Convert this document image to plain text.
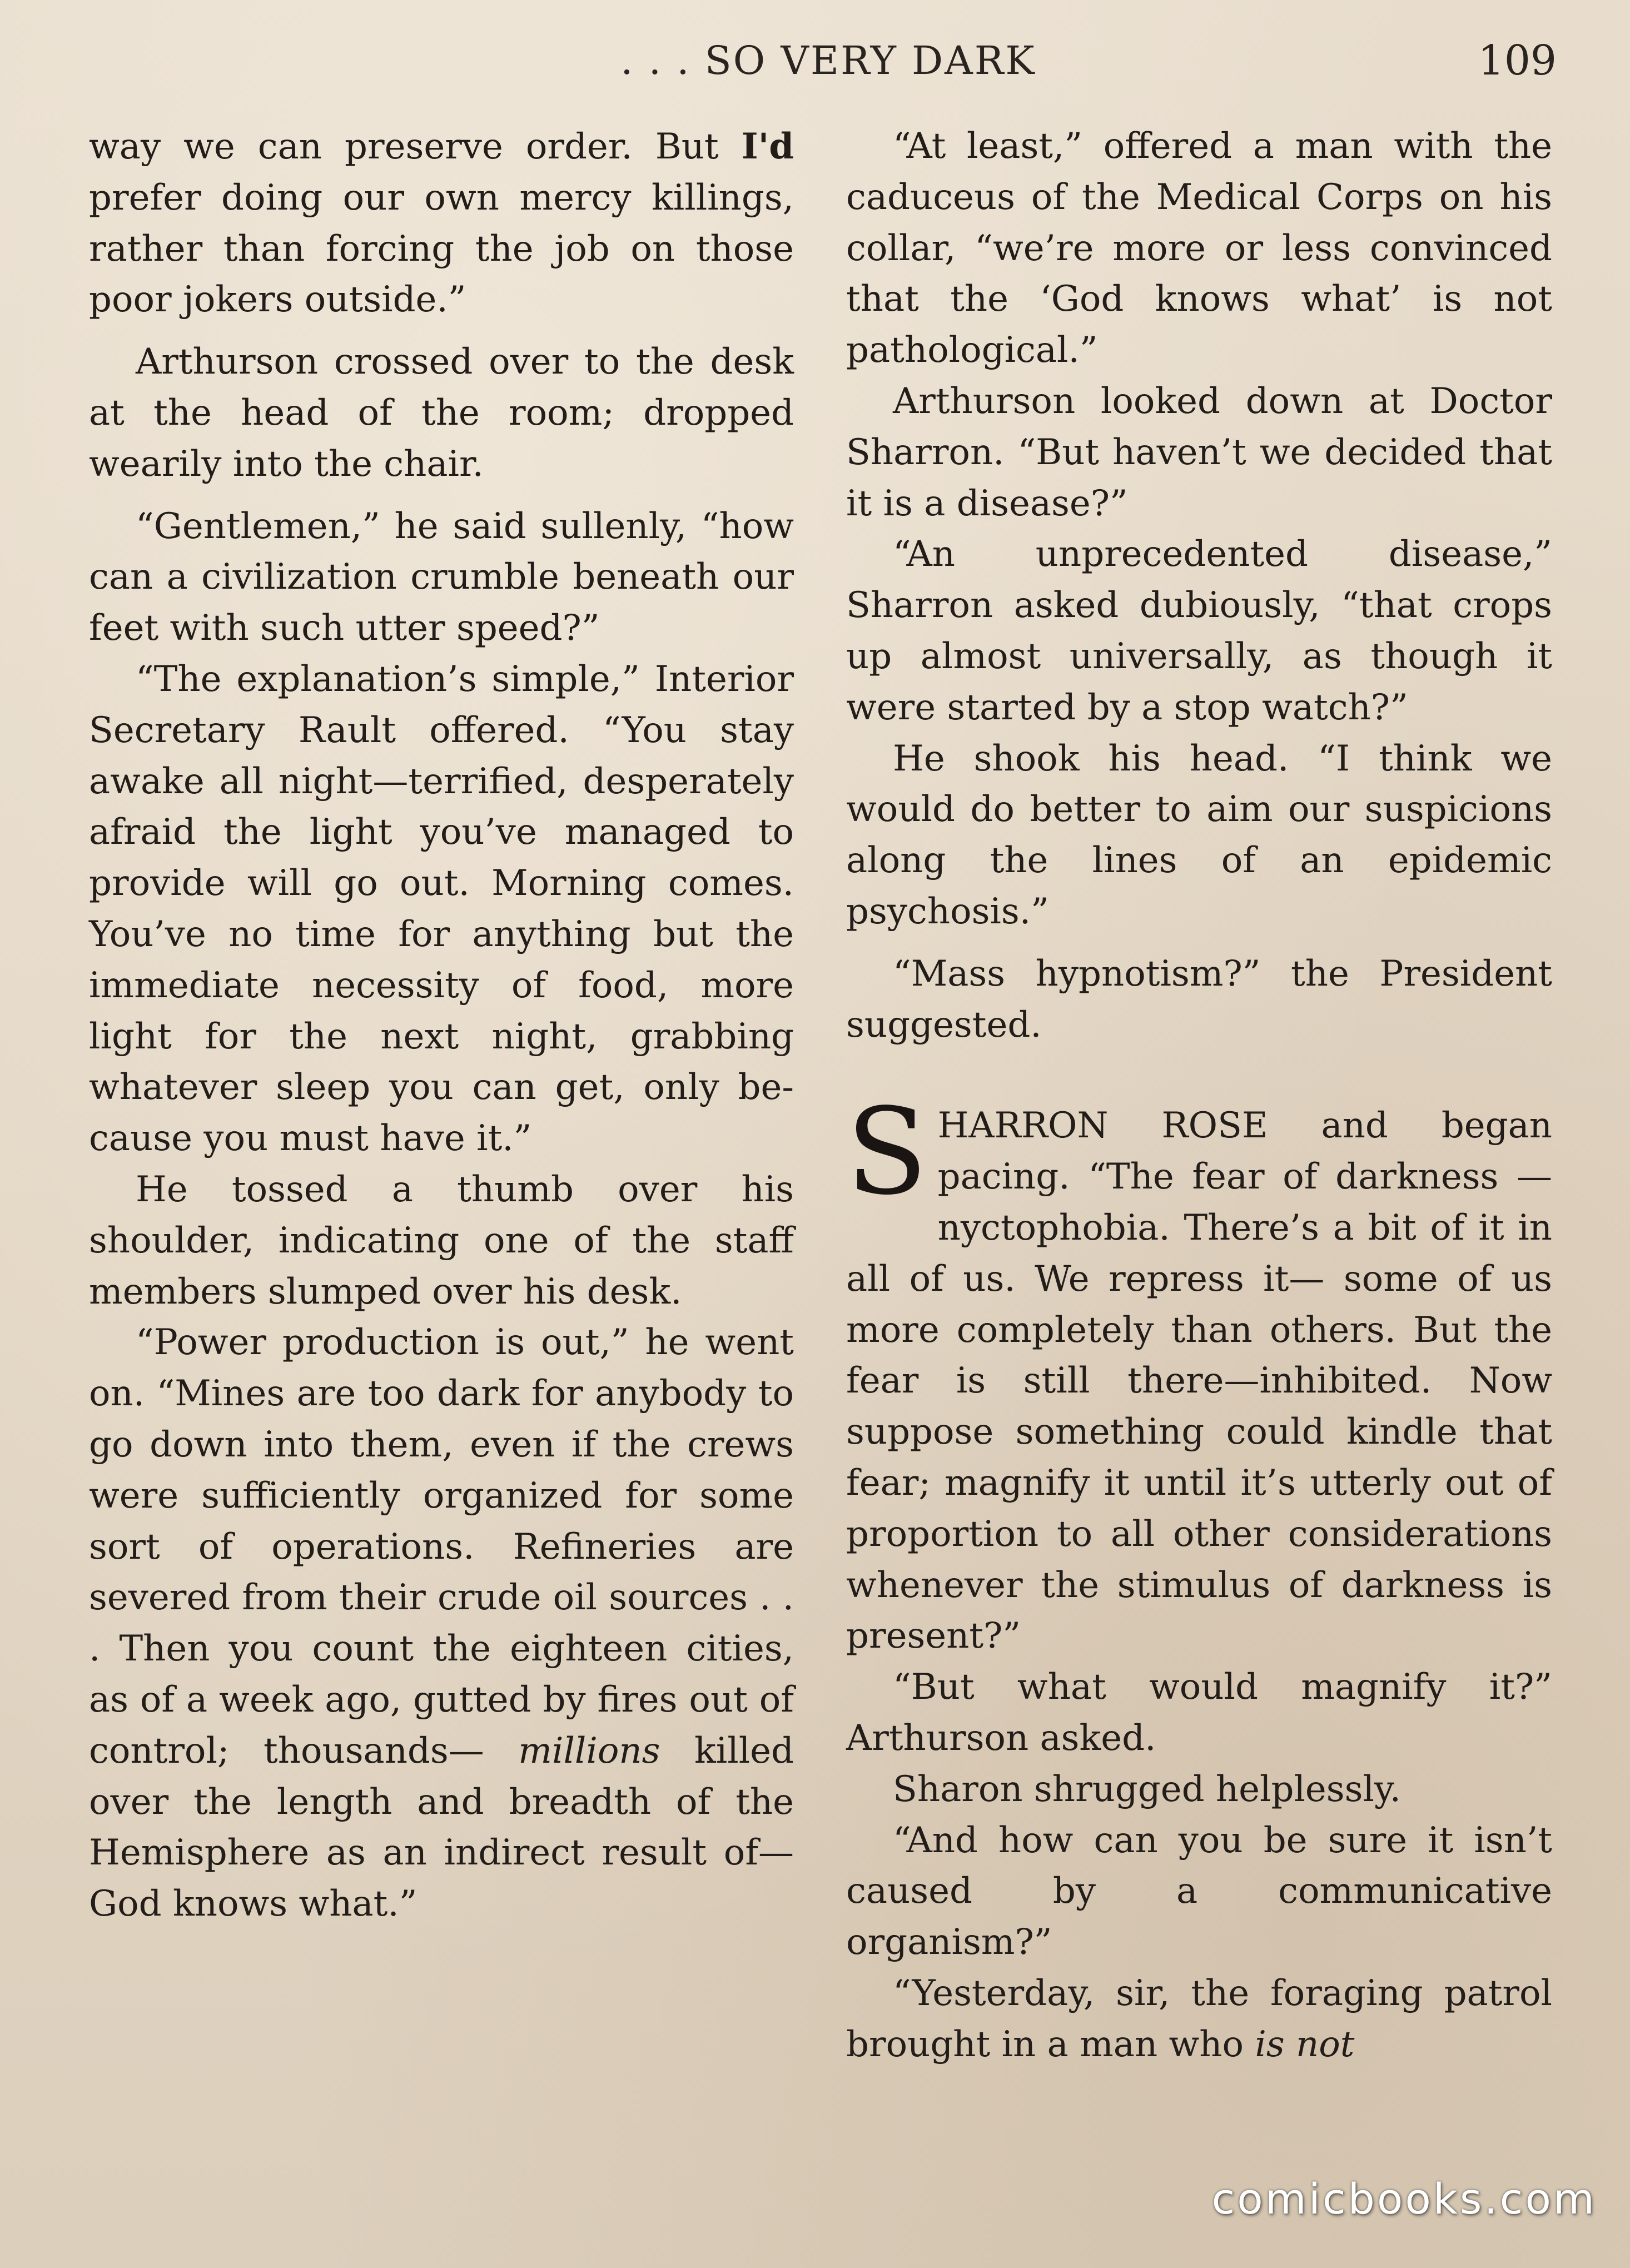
. . . SO VERY DARK	109

way we can preserve order. But I'd prefer doing our own mercy killings, rather than forcing the job on those poor jokers outside.”

Arthurson crossed over to the desk at the head of the room; dropped wearily into the chair.

“Gentlemen,” he said sullenly, “how can a civilization crumble beneath our feet with such utter speed?”

“The explanation’s simple,” Interior Secretary Rault offered. “You stay awake all night—terrified, desperately afraid the light you’ve managed to provide will go out. Morning comes. You’ve no time for anything but the immediate necessity of food, more light for the next night, grabbing whatever sleep you can get, only because you must have it.”

He tossed a thumb over his shoulder, indicating one of the staff members slumped over his desk.

“Power production is out,” he went on. “Mines are too dark for anybody to go down into them, even if the crews were sufficiently organized for some sort of operations. Refineries are severed from their crude oil sources . . . Then you count the eighteen cities, as of a week ago, gutted by fires out of control; thousands— millions killed over the length and breadth of the Hemisphere as an indirect result of—God knows what.”

“At least,” offered a man with the caduceus of the Medical Corps on his collar, “we’re more or less convinced that the ‘God knows what’ is not pathological.”

Arthurson looked down at Doctor Sharron. “But haven’t we decided that it is a disease?”

“An unprecedented disease,” Sharron asked dubiously, “that crops up almost universally, as though it were started by a stop watch?”

He shook his head. “I think we would do better to aim our suspicions along the lines of an epidemic psychosis.”

“Mass hypnotism?” the President suggested.

SHARRON ROSE and began pacing. “The fear of darkness —nyctophobia. There’s a bit of it in all of us. We repress it— some of us more completely than others. But the fear is still there—inhibited. Now suppose something could kindle that fear; magnify it until it’s utterly out of proportion to all other considerations whenever the stimulus of darkness is present?”

“But what would magnify it?” Arthurson asked.

Sharon shrugged helplessly.

“And how can you be sure it isn’t caused by a communicative organism?”

“Yesterday, sir, the foraging patrol brought in a man who is not

comicbooks.com
